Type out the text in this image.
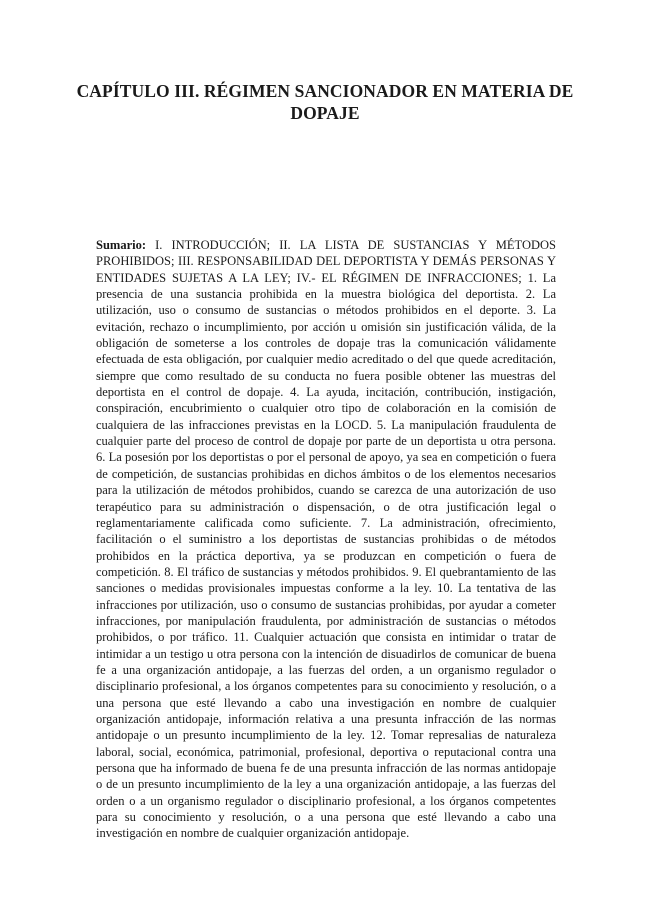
CAPÍTULO III. RÉGIMEN SANCIONADOR EN MATERIA DE DOPAJE

Sumario: I. INTRODUCCIÓN; II. LA LISTA DE SUSTANCIAS Y MÉTODOS PROHIBIDOS; III. RESPONSABILIDAD DEL DEPORTISTA Y DEMÁS PERSONAS Y ENTIDADES SUJETAS A LA LEY; IV.- EL RÉGIMEN DE INFRACCIONES; 1. La presencia de una sustancia prohibida en la muestra biológica del deportista. 2. La utilización, uso o consumo de sustancias o métodos prohibidos en el deporte. 3. La evitación, rechazo o incumplimiento, por acción u omisión sin justificación válida, de la obligación de someterse a los controles de dopaje tras la comunicación válidamente efectuada de esta obligación, por cualquier medio acreditado o del que quede acreditación, siempre que como resultado de su conducta no fuera posible obtener las muestras del deportista en el control de dopaje. 4. La ayuda, incitación, contribución, instigación, conspiración, encubrimiento o cualquier otro tipo de colaboración en la comisión de cualquiera de las infracciones previstas en la LOCD. 5. La manipulación fraudulenta de cualquier parte del proceso de control de dopaje por parte de un deportista u otra persona. 6. La posesión por los deportistas o por el personal de apoyo, ya sea en competición o fuera de competición, de sustancias prohibidas en dichos ámbitos o de los elementos necesarios para la utilización de métodos prohibidos, cuando se carezca de una autorización de uso terapéutico para su administración o dispensación, o de otra justificación legal o reglamentariamente calificada como suficiente. 7. La administración, ofrecimiento, facilitación o el suministro a los deportistas de sustancias prohibidas o de métodos prohibidos en la práctica deportiva, ya se produzcan en competición o fuera de competición. 8. El tráfico de sustancias y métodos prohibidos. 9. El quebrantamiento de las sanciones o medidas provisionales impuestas conforme a la ley. 10. La tentativa de las infracciones por utilización, uso o consumo de sustancias prohibidas, por ayudar a cometer infracciones, por manipulación fraudulenta, por administración de sustancias o métodos prohibidos, o por tráfico. 11. Cualquier actuación que consista en intimidar o tratar de intimidar a un testigo u otra persona con la intención de disuadirlos de comunicar de buena fe a una organización antidopaje, a las fuerzas del orden, a un organismo regulador o disciplinario profesional, a los órganos competentes para su conocimiento y resolución, o a una persona que esté llevando a cabo una investigación en nombre de cualquier organización antidopaje, información relativa a una presunta infracción de las normas antidopaje o un presunto incumplimiento de la ley. 12. Tomar represalias de naturaleza laboral, social, económica, patrimonial, profesional, deportiva o reputacional contra una persona que ha informado de buena fe de una presunta infracción de las normas antidopaje o de un presunto incumplimiento de la ley a una organización antidopaje, a las fuerzas del orden o a un organismo regulador o disciplinario profesional, a los órganos competentes para su conocimiento y resolución, o a una persona que esté llevando a cabo una investigación en nombre de cualquier organización antidopaje.
